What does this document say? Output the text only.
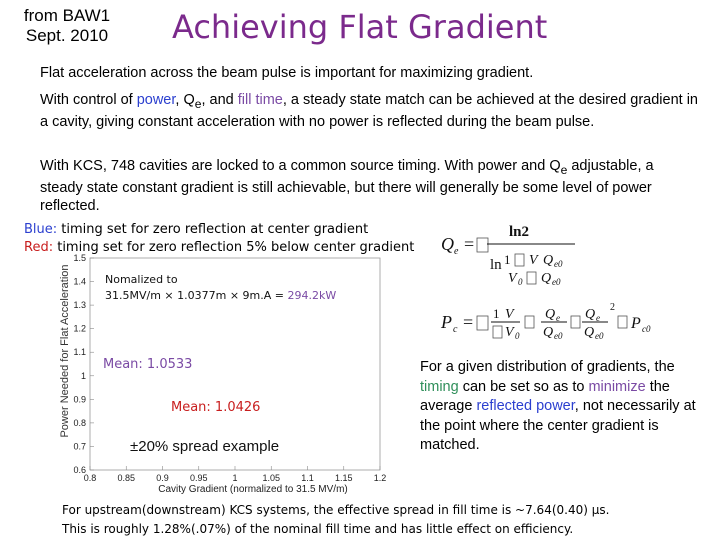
from BAW1
Sept. 2010	Achieving Flat Gradient
Flat acceleration across the beam pulse is important for maximizing gradient.
With control of power, $Q_e$, and fill time, a steady state match can be achieved at the desired gradient in a cavity, giving constant acceleration with no power is reflected during the beam pulse.
With KCS, 748 cavities are locked to a common source timing. With power and $Q_e$ adjustable, a steady state constant gradient is still achievable, but there will generally be some level of power reflected.
Blue: timing set for zero reflection at center gradient
Red: timing set for zero reflection 5% below center gradient
Power Needed for Flat Acceleration
1.5
1.4
1.3
1.2
1.1
1
0.9
0.8
0.7
0.6
0.8 0.85 0.9 0.95	1	1.05 1.1 1.15 1.2
Nomalized to
31.5MV/m × 1.0377m × 9m.A = 294.2kW
Mean: 1.0533
Mean: 1.0426
±20% spread example
Cavity Gradient (normalized to 31.5 MV/m)
Q e =
ln2
ln 1 V Q e0
V 0 Q e0
P c = 1 V
V 0
Q e
Q e0
Q e
Q e0
2
P c0
For a given distribution of gradients, the timing can be set so as to minimize the average reflected power, not necessarily at the point where the center gradient is matched.
For upstream(downstream) KCS systems, the effective spread in fill time is ~7.64(0.40) µs.
This is roughly 1.28%(.07%) of the nominal fill time and has little effect on efficiency.
